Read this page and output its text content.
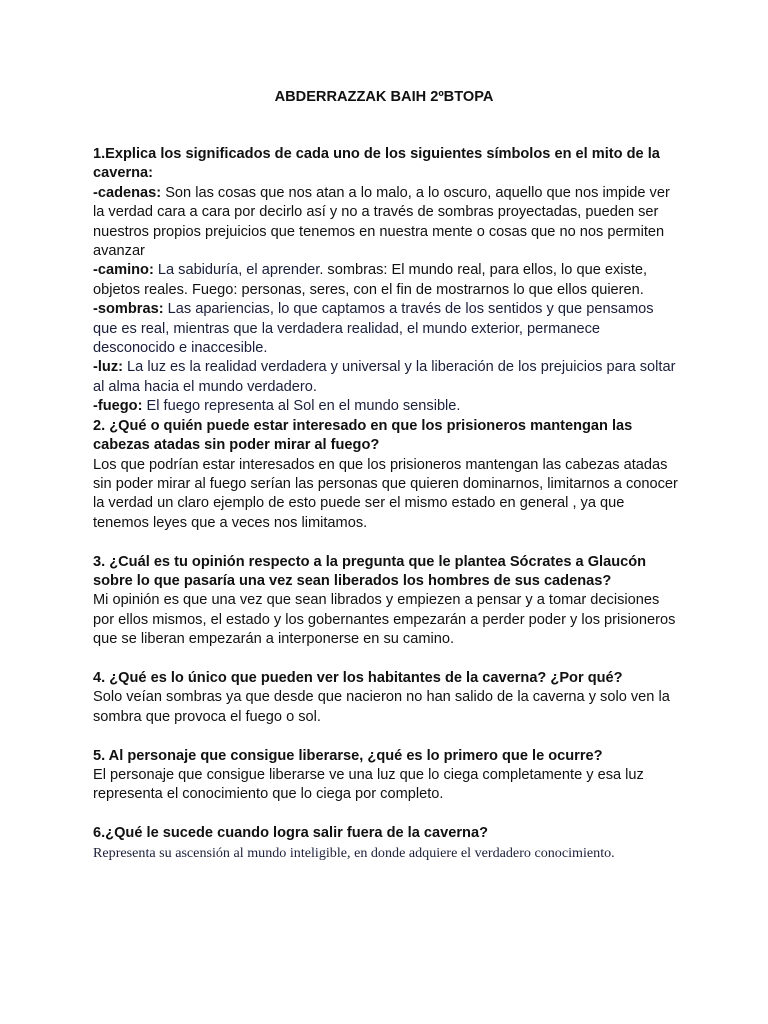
ABDERRAZZAK BAIH 2ºBTOPA

1.Explica los significados de cada uno de los siguientes símbolos en el mito de la caverna:

-cadenas: Son las cosas que nos atan a lo malo, a lo oscuro, aquello que nos impide ver la verdad cara a cara por decirlo así y no a través de sombras proyectadas, pueden ser nuestros propios prejuicios que tenemos en nuestra mente o cosas que no nos permiten avanzar

-camino: La sabiduría, el aprender. sombras: El mundo real, para ellos, lo que existe, objetos reales. Fuego: personas, seres, con el fin de mostrarnos lo que ellos quieren.

-sombras: Las apariencias, lo que captamos a través de los sentidos y que pensamos que es real, mientras que la verdadera realidad, el mundo exterior, permanece desconocido e inaccesible.

-luz: La luz es la realidad verdadera y universal y la liberación de los prejuicios para soltar al alma hacia el mundo verdadero.

-fuego: El fuego representa al Sol en el mundo sensible.

2. ¿Qué o quién puede estar interesado en que los prisioneros mantengan las cabezas atadas sin poder mirar al fuego?

Los que podrían estar interesados en que los prisioneros mantengan las cabezas atadas sin poder mirar al fuego serían las personas que quieren dominarnos, limitarnos a conocer la verdad un claro ejemplo de esto puede ser el mismo estado en general , ya que tenemos leyes que a veces nos limitamos.

3. ¿Cuál es tu opinión respecto a la pregunta que le plantea Sócrates a Glaucón sobre lo que pasaría una vez sean liberados los hombres de sus cadenas?

Mi opinión es que una vez que sean librados y empiezen a pensar y a tomar decisiones por ellos mismos, el estado y los gobernantes empezarán a perder poder y los prisioneros que se liberan empezarán a interponerse en su camino.

4. ¿Qué es lo único que pueden ver los habitantes de la caverna? ¿Por qué?

Solo veían sombras ya que desde que nacieron no han salido de la caverna y solo ven la sombra que provoca el fuego o sol.

5. Al personaje que consigue liberarse, ¿qué es lo primero que le ocurre?

El personaje que consigue liberarse ve una luz que lo ciega completamente y esa luz representa el conocimiento que lo ciega por completo.

6.¿Qué le sucede cuando logra salir fuera de la caverna?

Representa su ascensión al mundo inteligible, en donde adquiere el verdadero conocimiento.
